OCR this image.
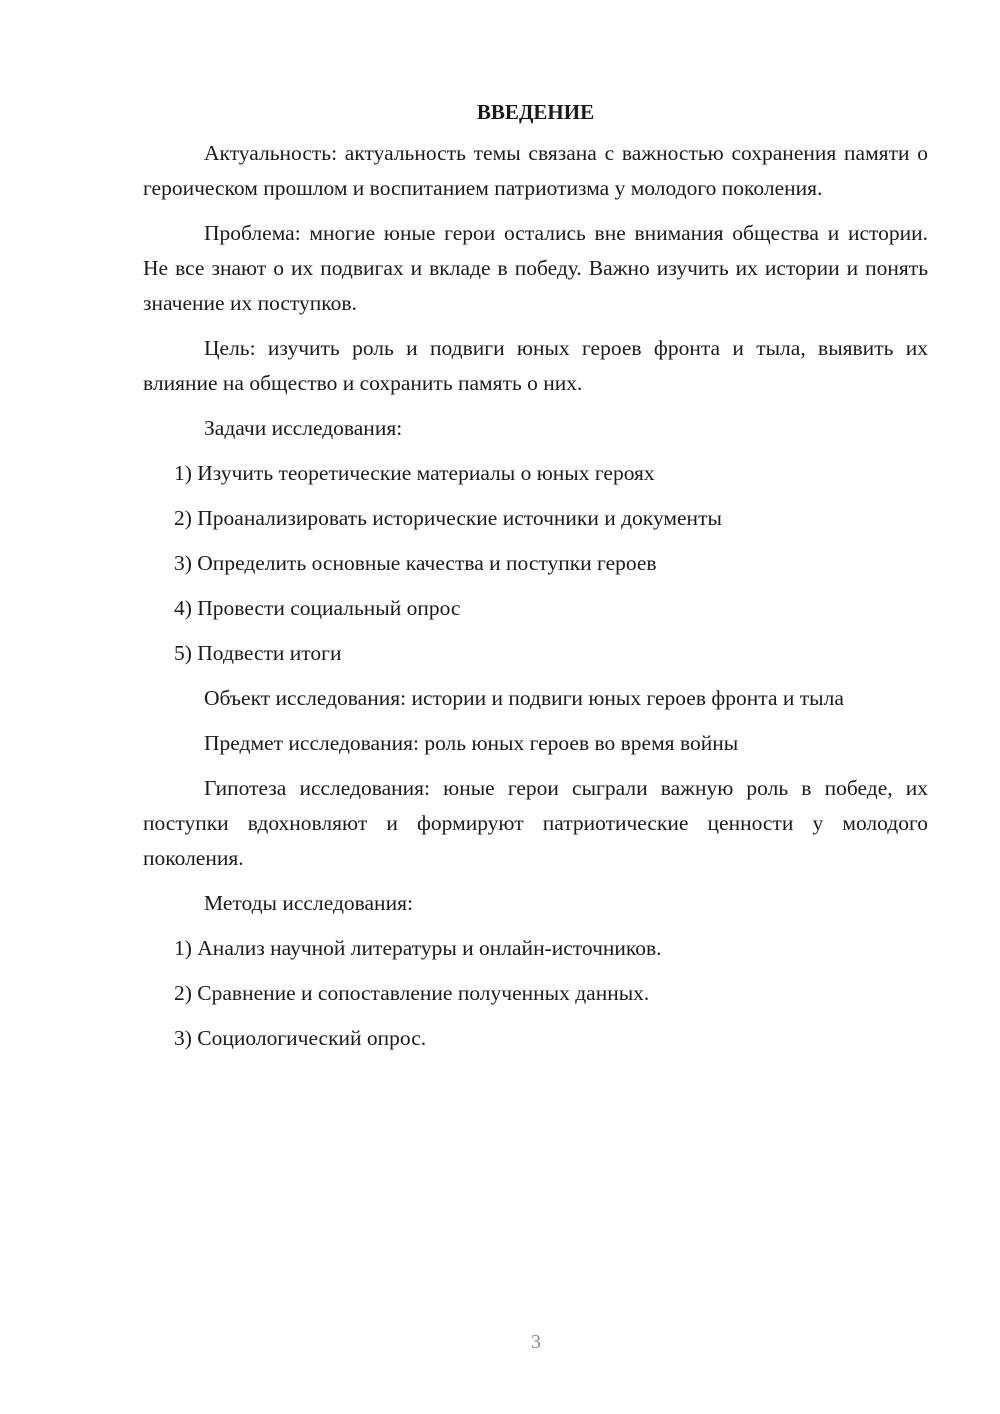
ВВЕДЕНИЕ

Актуальность: актуальность темы связана с важностью сохранения памяти о героическом прошлом и воспитанием патриотизма у молодого поколения.

Проблема: многие юные герои остались вне внимания общества и истории. Не все знают о их подвигах и вкладе в победу. Важно изучить их истории и понять значение их поступков.

Цель: изучить роль и подвиги юных героев фронта и тыла, выявить их влияние на общество и сохранить память о них.

Задачи исследования:

1) Изучить теоретические материалы о юных героях
2) Проанализировать исторические источники и документы
3) Определить основные качества и поступки героев
4) Провести социальный опрос
5) Подвести итоги

Объект исследования: истории и подвиги юных героев фронта и тыла

Предмет исследования: роль юных героев во время войны

Гипотеза исследования: юные герои сыграли важную роль в победе, их поступки вдохновляют и формируют патриотические ценности у молодого поколения.

Методы исследования:

1) Анализ научной литературы и онлайн-источников.
2) Сравнение и сопоставление полученных данных.
3) Социологический опрос.
3
